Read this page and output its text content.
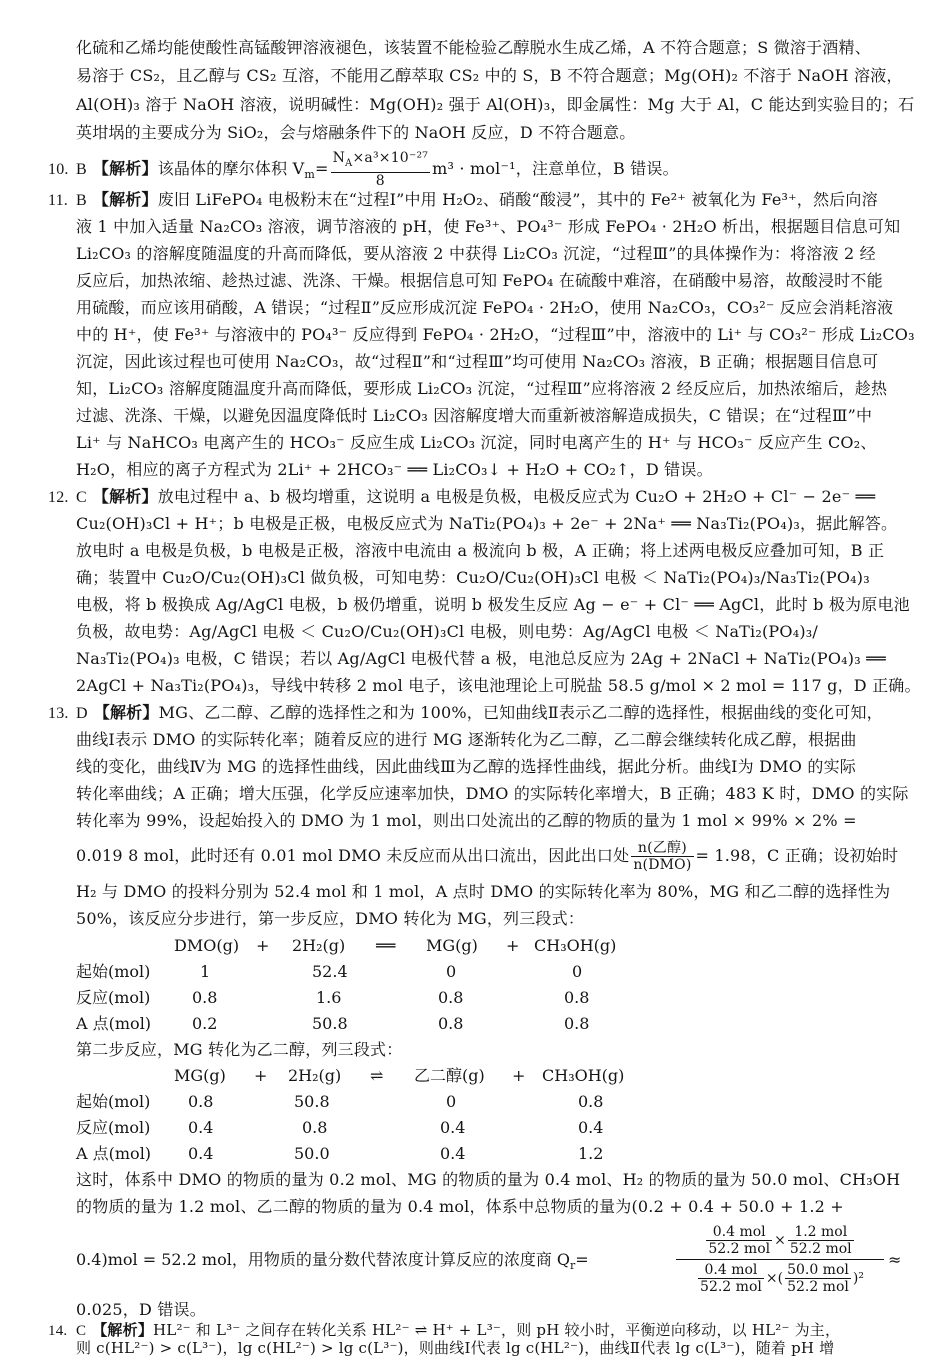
化硫和乙烯均能使酸性高锰酸钾溶液褪色，该装置不能检验乙醇脱水生成乙烯，A 不符合题意；S 微溶于酒精、
易溶于 CS₂，且乙醇与 CS₂ 互溶，不能用乙醇萃取 CS₂ 中的 S，B 不符合题意；Mg(OH)₂ 不溶于 NaOH 溶液，
Al(OH)₃ 溶于 NaOH 溶液，说明碱性：Mg(OH)₂ 强于 Al(OH)₃，即金属性：Mg 大于 Al，C 能达到实验目的；石
英坩埚的主要成分为 SiO₂，会与熔融条件下的 NaOH 反应，D 不符合题意。
10. B 【解析】该晶体的摩尔体积 $V_m= \frac{N_A\times a^3\times 10^{-27}}{8} m^3 \cdot mol^{-1}$，注意单位，B 错误。
11. B 【解析】废旧 LiFePO₄ 电极粉末在“过程Ⅰ”中用 H₂O₂、硝酸“酸浸”，其中的 Fe²⁺ 被氧化为 Fe³⁺，然后向溶
液 1 中加入适量 Na₂CO₃ 溶液，调节溶液的 pH，使 Fe³⁺、PO₄³⁻ 形成 FePO₄ · 2H₂O 析出，根据题目信息可知
Li₂CO₃ 的溶解度随温度的升高而降低，要从溶液 2 中获得 Li₂CO₃ 沉淀，“过程Ⅲ”的具体操作为：将溶液 2 经
反应后，加热浓缩、趁热过滤、洗涤、干燥。根据信息可知 FePO₄ 在硫酸中难溶，在硝酸中易溶，故酸浸时不能
用硫酸，而应该用硝酸，A 错误；“过程Ⅱ”反应形成沉淀 FePO₄ · 2H₂O，使用 Na₂CO₃，CO₃²⁻ 反应会消耗溶液
中的 H⁺，使 Fe³⁺ 与溶液中的 PO₄³⁻ 反应得到 FePO₄ · 2H₂O，“过程Ⅲ”中，溶液中的 Li⁺ 与 CO₃²⁻ 形成 Li₂CO₃
沉淀，因此该过程也可使用 Na₂CO₃，故“过程Ⅱ”和“过程Ⅲ”均可使用 Na₂CO₃ 溶液，B 正确；根据题目信息可
知，Li₂CO₃ 溶解度随温度升高而降低，要形成 Li₂CO₃ 沉淀，“过程Ⅲ”应将溶液 2 经反应后，加热浓缩后，趁热
过滤、洗涤、干燥，以避免因温度降低时 Li₂CO₃ 因溶解度增大而重新被溶解造成损失，C 错误；在“过程Ⅲ”中
Li⁺ 与 NaHCO₃ 电离产生的 HCO₃⁻ 反应生成 Li₂CO₃ 沉淀，同时电离产生的 H⁺ 与 HCO₃⁻ 反应产生 CO₂、
H₂O，相应的离子方程式为 2Li⁺ + 2HCO₃⁻ ══ Li₂CO₃↓ + H₂O + CO₂↑，D 错误。
12. C 【解析】放电过程中 a、b 极均增重，这说明 a 电极是负极，电极反应式为 Cu₂O + 2H₂O + Cl⁻ − 2e⁻ ══
Cu₂(OH)₃Cl + H⁺；b 电极是正极，电极反应式为 NaTi₂(PO₄)₃ + 2e⁻ + 2Na⁺ ══ Na₃Ti₂(PO₄)₃，据此解答。
放电时 a 电极是负极，b 电极是正极，溶液中电流由 a 极流向 b 极，A 正确；将上述两电极反应叠加可知，B 正
确；装置中 Cu₂O/Cu₂(OH)₃Cl 做负极，可知电势：Cu₂O/Cu₂(OH)₃Cl 电极 ＜ NaTi₂(PO₄)₃/Na₃Ti₂(PO₄)₃
电极，将 b 极换成 Ag/AgCl 电极，b 极仍增重，说明 b 极发生反应 Ag − e⁻ + Cl⁻ ══ AgCl，此时 b 极为原电池
负极，故电势：Ag/AgCl 电极 ＜ Cu₂O/Cu₂(OH)₃Cl 电极，则电势：Ag/AgCl 电极 ＜ NaTi₂(PO₄)₃/
Na₃Ti₂(PO₄)₃ 电极，C 错误；若以 Ag/AgCl 电极代替 a 极，电池总反应为 2Ag + 2NaCl + NaTi₂(PO₄)₃ ══
2AgCl + Na₃Ti₂(PO₄)₃，导线中转移 2 mol 电子，该电池理论上可脱盐 58.5 g/mol × 2 mol = 117 g，D 正确。
13. D 【解析】MG、乙二醇、乙醇的选择性之和为 100%，已知曲线Ⅱ表示乙二醇的选择性，根据曲线的变化可知，
曲线Ⅰ表示 DMO 的实际转化率；随着反应的进行 MG 逐渐转化为乙二醇，乙二醇会继续转化成乙醇，根据曲
线的变化，曲线Ⅳ为 MG 的选择性曲线，因此曲线Ⅲ为乙醇的选择性曲线，据此分析。曲线Ⅰ为 DMO 的实际
转化率曲线；A 正确；增大压强，化学反应速率加快，DMO 的实际转化率增大，B 正确；483 K 时，DMO 的实际
转化率为 99%，设起始投入的 DMO 为 1 mol，则出口处流出的乙醇的物质的量为 1 mol × 99% × 2% =
0.019 8 mol，此时还有 0.01 mol DMO 未反应而从出口流出，因此出口处 $\frac{\text{n(乙醇)}}{\text{n(DMO)}} = 1.98$，C 正确；设初始时
H₂ 与 DMO 的投料分别为 52.4 mol 和 1 mol，A 点时 DMO 的实际转化率为 80%，MG 和乙二醇的选择性为
50%，该反应分步进行，第一步反应，DMO 转化为 MG，列三段式：
DMO(g) + 2H₂(g) ══ MG(g) + CH₃OH(g)
起始(mol)	1	52.4	0	0
反应(mol)	0.8	1.6	0.8	0.8
A 点(mol)	0.2	50.8	0.8	0.8
第二步反应，MG 转化为乙二醇，列三段式：
MG(g) + 2H₂(g) ⇌ 乙二醇(g) + CH₃OH(g)
起始(mol) 0.8	50.8	0	0.8
反应(mol) 0.4	0.8	0.4	0.4
A 点(mol) 0.4	50.0	0.4	1.2
这时，体系中 DMO 的物质的量为 0.2 mol、MG 的物质的量为 0.4 mol、H₂ 的物质的量为 50.0 mol、CH₃OH
的物质的量为 1.2 mol、乙二醇的物质的量为 0.4 mol，体系中总物质的量为(0.2 + 0.4 + 50.0 + 1.2 +
0.4)mol = 52.2 mol，用物质的量分数代替浓度计算反应的浓度商 $Q_r=$
$\frac{\text{0.4 mol}}{\text{52.2 mol}} \times \frac{\text{1.2 mol}}{\text{52.2 mol}}$
$\frac{\text{0.4 mol}}{\text{52.2 mol}}$ ×( $\frac{\text{50.0 mol}}{\text{52.2 mol}} )^2$
≈
0.025，D 错误。
14. C 【解析】HL²⁻ 和 L³⁻ 之间存在转化关系 HL²⁻ ⇌ H⁺ + L³⁻，则 pH 较小时，平衡逆向移动，以 HL²⁻ 为主，
则 c(HL²⁻) > c(L³⁻)，lg c(HL²⁻) > lg c(L³⁻)，则曲线Ⅰ代表 lg c(HL²⁻)，曲线Ⅱ代表 lg c(L³⁻)，随着 pH 增
